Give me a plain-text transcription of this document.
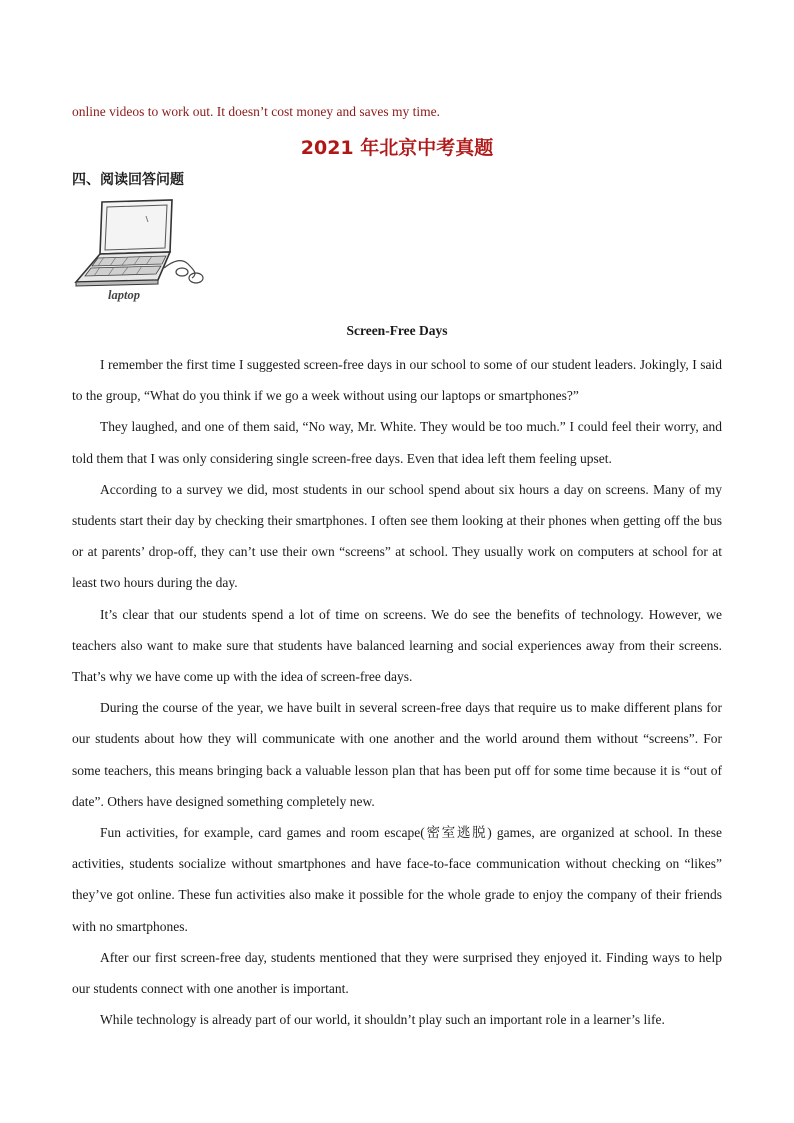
online videos to work out. It doesn’t cost money and saves my time.

2021 年北京中考真题
四、阅读回答问题
laptop
Screen-Free Days

I remember the first time I suggested screen-free days in our school to some of our student leaders. Jokingly, I said to the group, “What do you think if we go a week without using our laptops or smartphones?”

They laughed, and one of them said, “No way, Mr. White. They would be too much.” I could feel their worry, and told them that I was only considering single screen-free days. Even that idea left them feeling upset.

According to a survey we did, most students in our school spend about six hours a day on screens. Many of my students start their day by checking their smartphones. I often see them looking at their phones when getting off the bus or at parents’ drop-off, they can’t use their own “screens” at school. They usually work on computers at school for at least two hours during the day.

It’s clear that our students spend a lot of time on screens. We do see the benefits of technology. However, we teachers also want to make sure that students have balanced learning and social experiences away from their screens. That’s why we have come up with the idea of screen-free days.

During the course of the year, we have built in several screen-free days that require us to make different plans for our students about how they will communicate with one another and the world around them without “screens”. For some teachers, this means bringing back a valuable lesson plan that has been put off for some time because it is “out of date”. Others have designed something completely new.

Fun activities, for example, card games and room escape(密室逃脱) games, are organized at school. In these activities, students socialize without smartphones and have face-to-face communication without checking on “likes” they’ve got online. These fun activities also make it possible for the whole grade to enjoy the company of their friends with no smartphones.

After our first screen-free day, students mentioned that they were surprised they enjoyed it. Finding ways to help our students connect with one another is important.

While technology is already part of our world, it shouldn’t play such an important role in a learner’s life.
